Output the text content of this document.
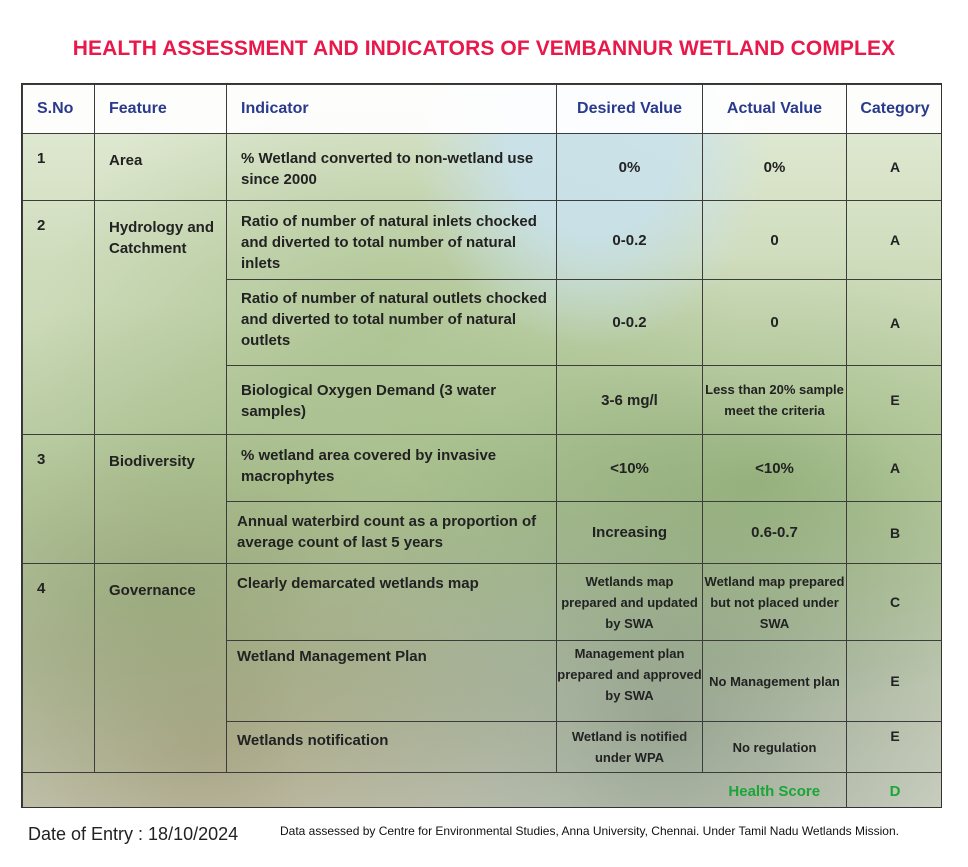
HEALTH ASSESSMENT AND INDICATORS OF VEMBANNUR WETLAND COMPLEX
S.No	Feature	Indicator	Desired Value	Actual Value	Category
1	Area	% Wetland converted to non-wetland use since 2000	0%	0%	A
2	Hydrology and Catchment	Ratio of number of natural inlets chocked and diverted to total number of natural inlets	0-0.2	0	A
		Ratio of number of natural outlets chocked and diverted to total number of natural outlets	0-0.2	0	A
		Biological Oxygen Demand (3 water samples)	3-6 mg/l	Less than 20% sample meet the criteria	E
3	Biodiversity	% wetland area covered by invasive macrophytes	<10%	<10%	A
		Annual waterbird count as a proportion of average count of last 5 years	Increasing	0.6-0.7	B
4	Governance	Clearly demarcated wetlands map	Wetlands map prepared and updated by SWA	Wetland map prepared but not placed under SWA	C
		Wetland Management Plan	Management plan prepared and approved by SWA	No Management plan	E
		Wetlands notification	Wetland is notified under WPA	No regulation	E
				Health Score	D
Date of Entry : 18/10/2024	Data assessed by Centre for Environmental Studies, Anna University, Chennai. Under Tamil Nadu Wetlands Mission.
